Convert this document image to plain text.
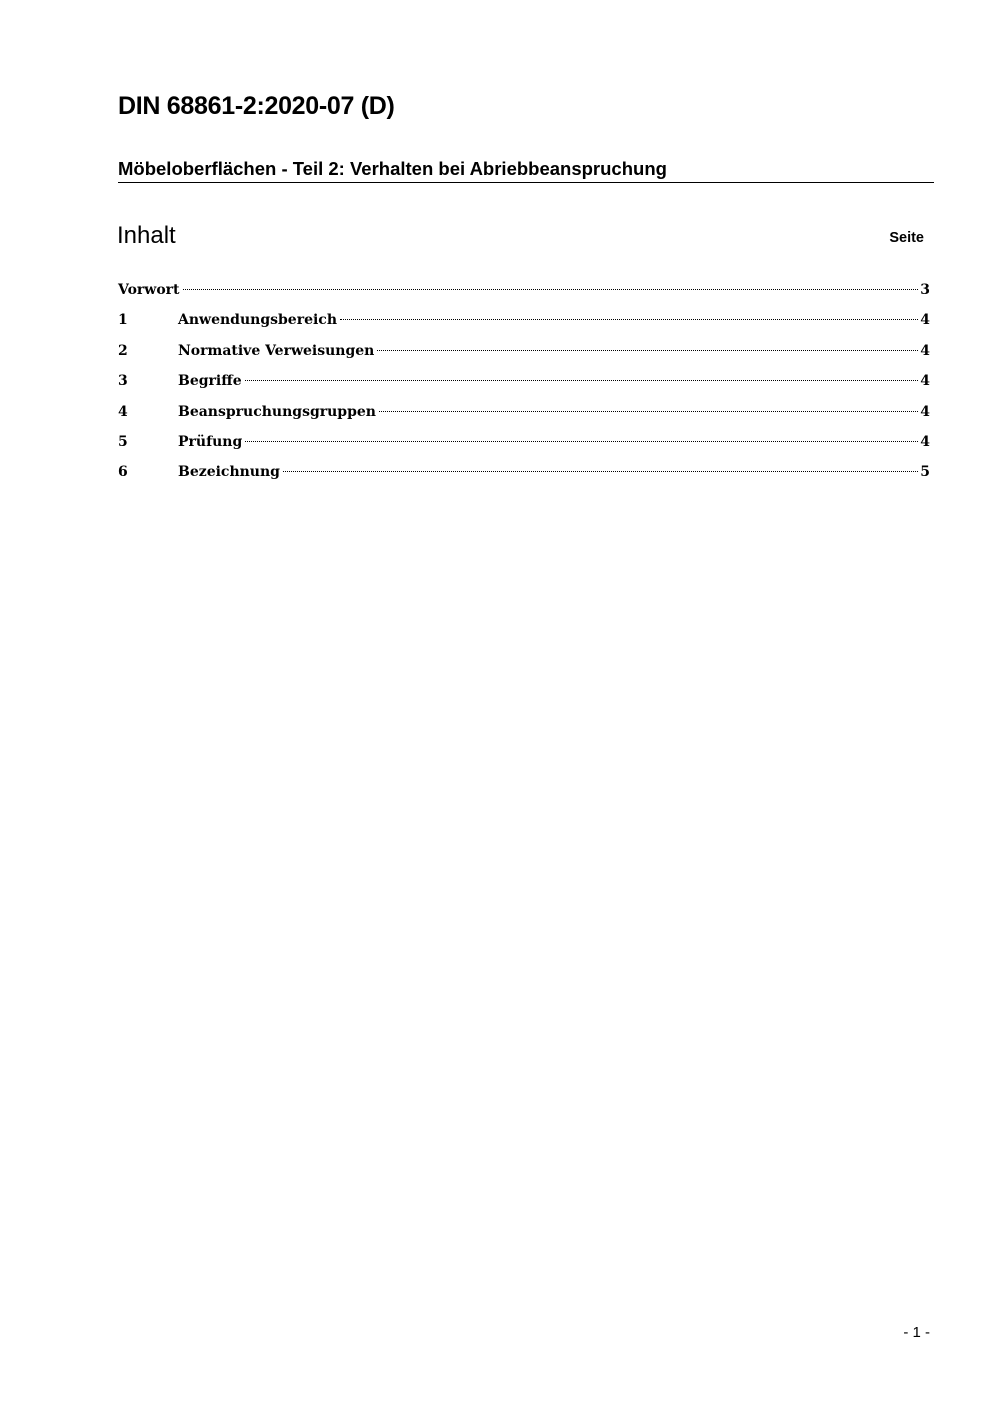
DIN 68861-2:2020-07 (D)
Möbeloberflächen - Teil 2: Verhalten bei Abriebbeanspruchung
Inhalt	Seite
Vorwort	3
1	Anwendungsbereich	4
2	Normative Verweisungen	4
3	Begriffe	4
4	Beanspruchungsgruppen	4
5	Prüfung	4
6	Bezeichnung	5
- 1 -
